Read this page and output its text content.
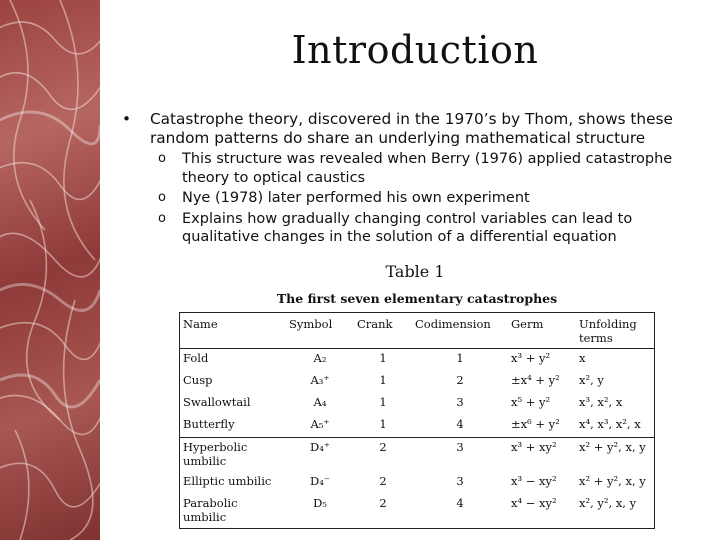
Introduction
• Catastrophe theory, discovered in the 1970’s by Thom, shows these random patterns do share an underlying mathematical structure
o This structure was revealed when Berry (1976) applied catastrophe theory to optical caustics
o Nye (1978) later performed his own experiment
o Explains how gradually changing control variables can lead to qualitative changes in the solution of a differential equation
Table 1
The first seven elementary catastrophes
Name	Symbol	Crank	Codimension	Germ	Unfolding terms
Fold	A₂	1	1	x³ + y²	x
Cusp	A₃⁺	1	2	±x⁴ + y²	x², y
Swallowtail	A₄	1	3	x⁵ + y²	x³, x², x
Butterfly	A₅⁺	1	4	±x⁶ + y²	x⁴, x³, x², x
Hyperbolic umbilic	D₄⁺	2	3	x³ + xy²	x² + y², x, y
Elliptic umbilic	D₄⁻	2	3	x³ − xy²	x² + y², x, y
Parabolic umbilic	D₅	2	4	x⁴ − xy²	x², y², x, y
